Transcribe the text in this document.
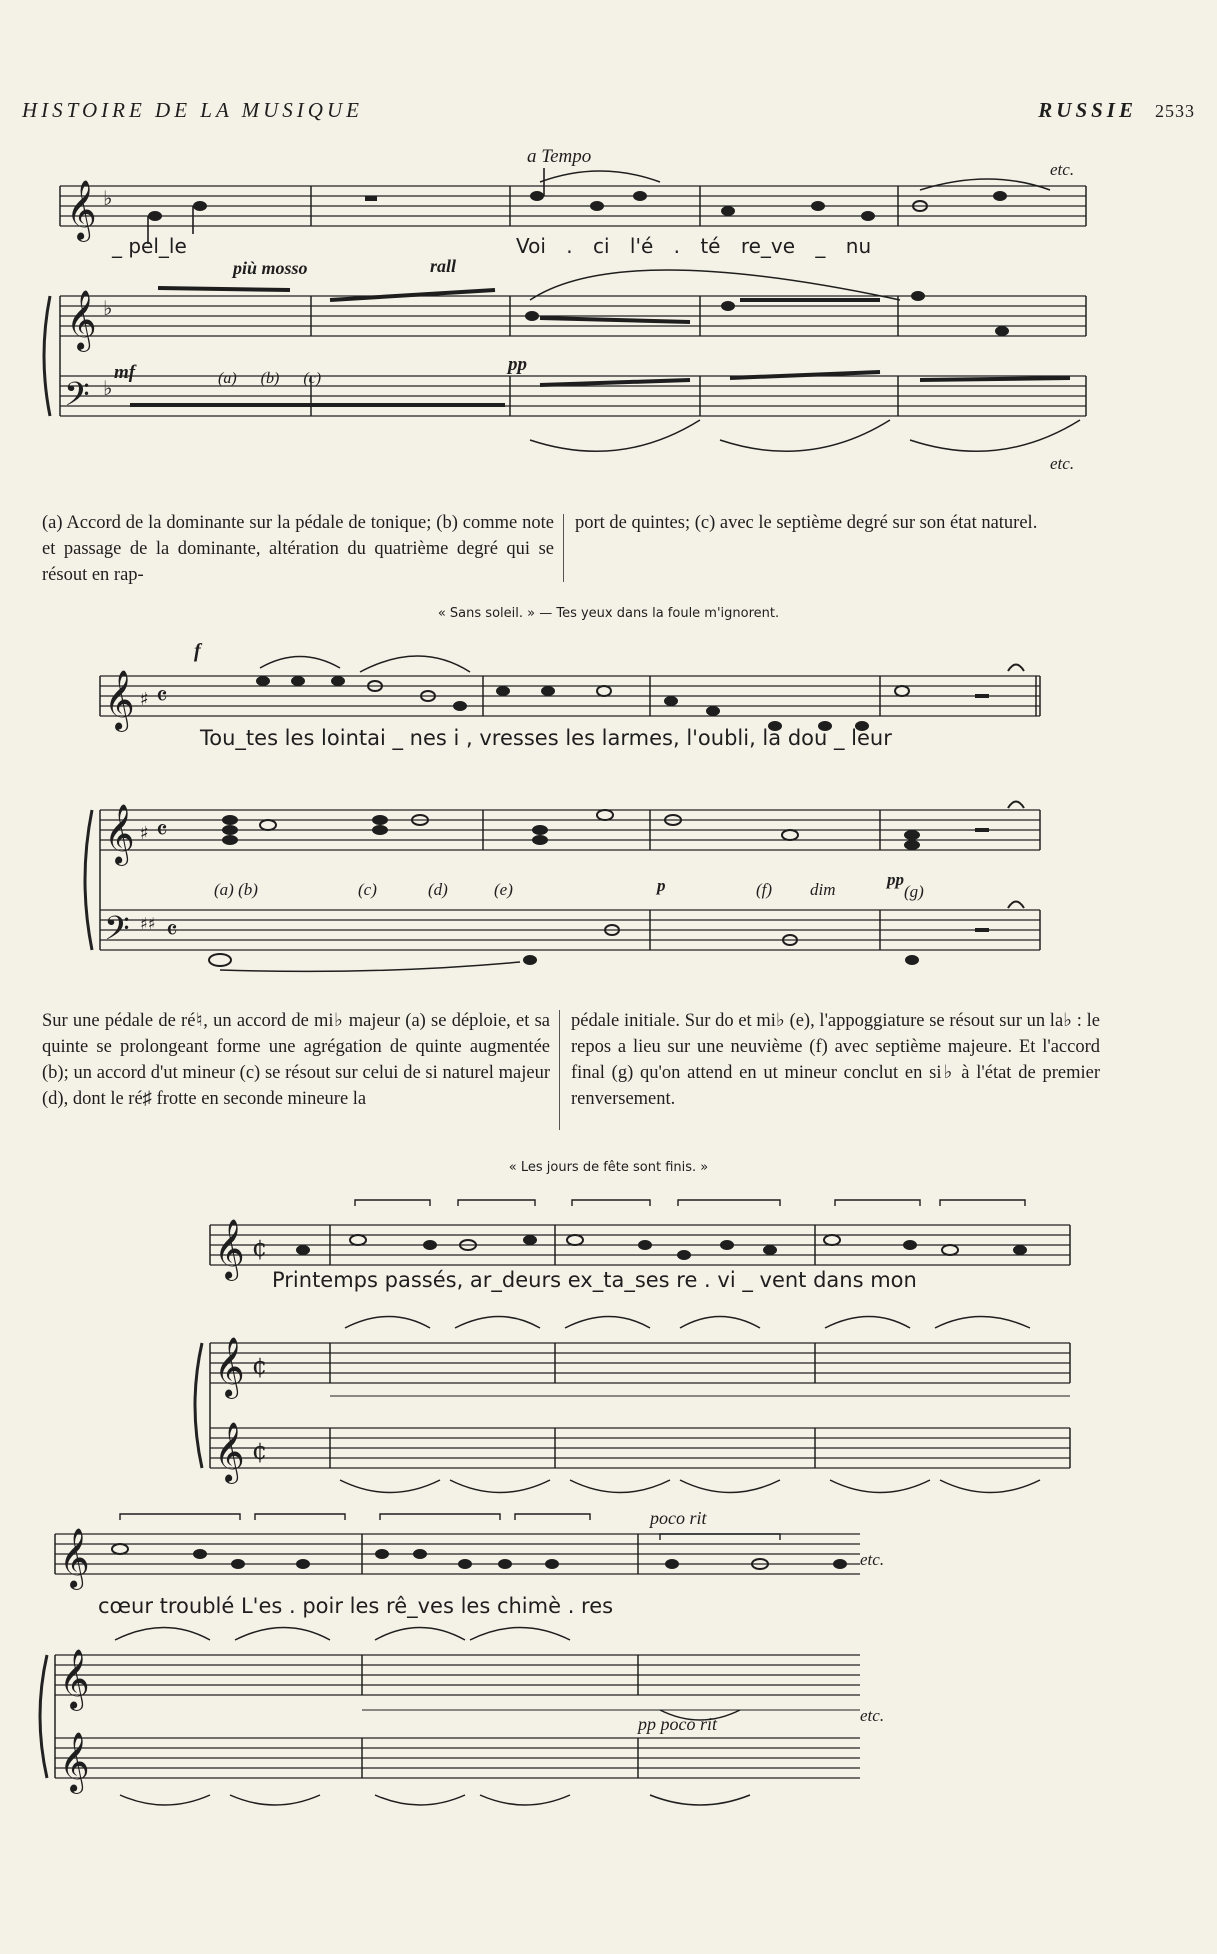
HISTOIRE DE LA MUSIQUE	RUSSIE 2533
𝄞 ♭
𝄞 ♭
𝄢 ♭
a Tempo
etc.
etc.
_ pel_le	Voi . ci l'é . té re_ve _ nu
più mosso	rall
mf	pp
(a) (b) (c)
(a) Accord de la dominante sur la pédale de tonique; (b) comme note et passage de la dominante, altération du quatrième degré qui se résout en rap-
port de quintes; (c) avec le septième degré sur son état naturel.
« Sans soleil. » — Tes yeux dans la foule m'ignorent.
𝄞 ♯ 𝄴
𝄞 ♯ 𝄴
𝄢 ♯♯ 𝄴
f
Tou_tes les lointai _ nes i , vresses les larmes, l'oubli, la dou _ leur
(a) (b)	(c)	(d)	(e)	p	(f) dim
pp
(g)
Sur une pédale de ré♮, un accord de mi♭ majeur (a) se déploie, et sa quinte se prolongeant forme une agrégation de quinte augmentée (b); un accord d'ut mineur (c) se résout sur celui de si naturel majeur (d), dont le ré♯ frotte en seconde mineure la
pédale initiale. Sur do et mi♭ (e), l'appoggiature se résout sur un la♭ : le repos a lieu sur une neuvième (f) avec septième majeure. Et l'accord final (g) qu'on attend en ut mineur conclut en si♭ à l'état de premier renversement.
« Les jours de fête sont finis. »
𝄞 ¢
𝄞 ¢
𝄞 ¢
Printemps passés, ar_deurs ex_ta_ses re . vi _ vent dans mon
𝄞
𝄞
𝄞
poco rit
etc.
cœur troublé L'es . poir les rê_ves les chimè . res
pp poco rit	etc.
